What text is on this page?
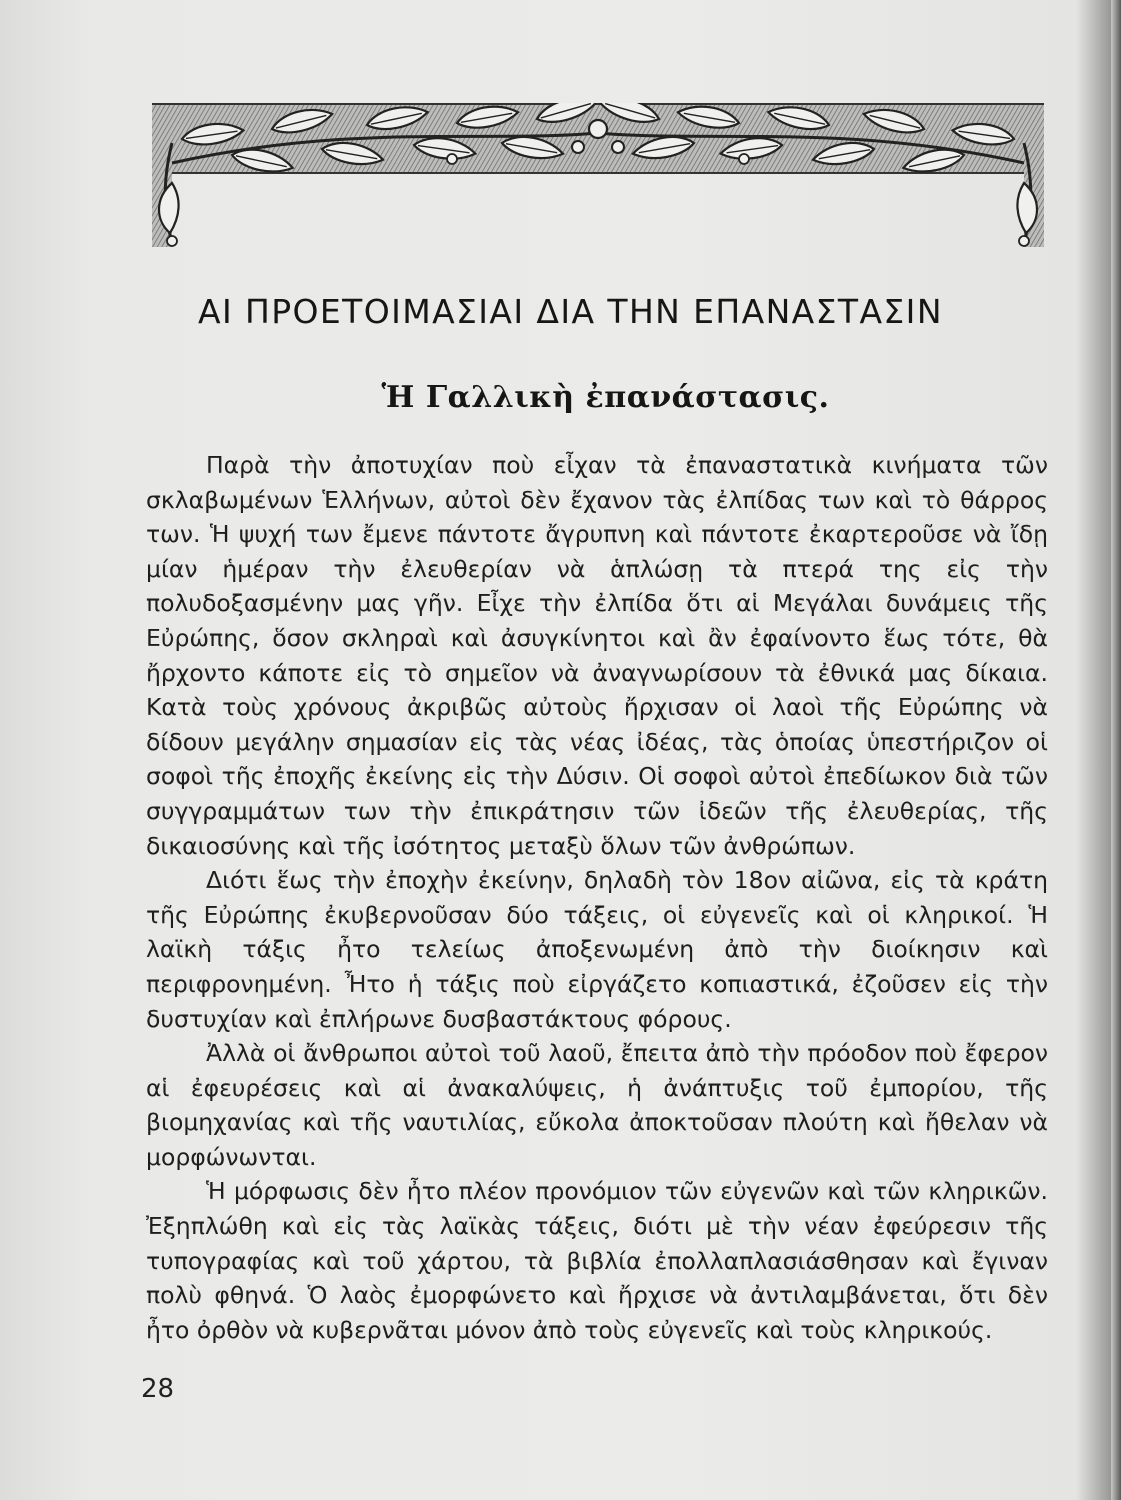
ΑΙ ΠΡΟΕΤΟΙΜΑΣΙΑΙ ΔΙΑ ΤΗΝ ΕΠΑΝΑΣΤΑΣΙΝ
Ἡ Γαλλικὴ ἐπανάστασις.

Παρὰ τὴν ἀποτυχίαν ποὺ εἶχαν τὰ ἐπαναστατικὰ κινήματα τῶν σκλαβωμένων Ἑλλήνων, αὐτοὶ δὲν ἔχανον τὰς ἐλπίδας των καὶ τὸ θάρρος των. Ἡ ψυχή των ἔμενε πάντοτε ἄγρυπνη καὶ πάντοτε ἐκαρτεροῦσε νὰ ἴδῃ μίαν ἡμέραν τὴν ἐλευθερίαν νὰ ἁπλώσῃ τὰ πτερά της εἰς τὴν πολυδοξασμένην μας γῆν. Εἶχε τὴν ἐλπίδα ὅτι αἱ Μεγάλαι δυνάμεις τῆς Εὐρώπης, ὅσον σκληραὶ καὶ ἀσυγκίνητοι καὶ ἂν ἐφαίνοντο ἕως τότε, θὰ ἤρχοντο κάποτε εἰς τὸ σημεῖον νὰ ἀναγνωρίσουν τὰ ἐθνικά μας δίκαια. Κατὰ τοὺς χρόνους ἀκριβῶς αὐτοὺς ἤρχισαν οἱ λαοὶ τῆς Εὐρώπης νὰ δίδουν μεγάλην σημασίαν εἰς τὰς νέας ἰδέας, τὰς ὁποίας ὑπεστήριζον οἱ σοφοὶ τῆς ἐποχῆς ἐκείνης εἰς τὴν Δύσιν. Οἱ σοφοὶ αὐτοὶ ἐπεδίωκον διὰ τῶν συγγραμμάτων των τὴν ἐπικράτησιν τῶν ἰδεῶν τῆς ἐλευθερίας, τῆς δικαιοσύνης καὶ τῆς ἰσότητος μεταξὺ ὅλων τῶν ἀνθρώπων.

Διότι ἕως τὴν ἐποχὴν ἐκείνην, δηλαδὴ τὸν 18ον αἰῶνα, εἰς τὰ κράτη τῆς Εὐρώπης ἐκυβερνοῦσαν δύο τάξεις, οἱ εὐγενεῖς καὶ οἱ κληρικοί. Ἡ λαϊκὴ τάξις ἦτο τελείως ἀποξενωμένη ἀπὸ τὴν διοίκησιν καὶ περιφρονημένη. Ἦτο ἡ τάξις ποὺ εἰργάζετο κοπιαστικά, ἐζοῦσεν εἰς τὴν δυστυχίαν καὶ ἐπλήρωνε δυσβαστάκτους φόρους.

Ἀλλὰ οἱ ἄνθρωποι αὐτοὶ τοῦ λαοῦ, ἔπειτα ἀπὸ τὴν πρόοδον ποὺ ἔφερον αἱ ἐφευρέσεις καὶ αἱ ἀνακαλύψεις, ἡ ἀνάπτυξις τοῦ ἐμπορίου, τῆς βιομηχανίας καὶ τῆς ναυτιλίας, εὔκολα ἀποκτοῦσαν πλούτη καὶ ἤθελαν νὰ μορφώνωνται.

Ἡ μόρφωσις δὲν ἦτο πλέον προνόμιον τῶν εὐγενῶν καὶ τῶν κληρικῶν. Ἐξηπλώθη καὶ εἰς τὰς λαϊκὰς τάξεις, διότι μὲ τὴν νέαν ἐφεύρεσιν τῆς τυπογραφίας καὶ τοῦ χάρτου, τὰ βιβλία ἐπολλαπλασιάσθησαν καὶ ἔγιναν πολὺ φθηνά. Ὁ λαὸς ἐμορφώνετο καὶ ἤρχισε νὰ ἀντιλαμβάνεται, ὅτι δὲν ἦτο ὀρθὸν νὰ κυβερνᾶται μόνον ἀπὸ τοὺς εὐγενεῖς καὶ τοὺς κληρικούς.

28
